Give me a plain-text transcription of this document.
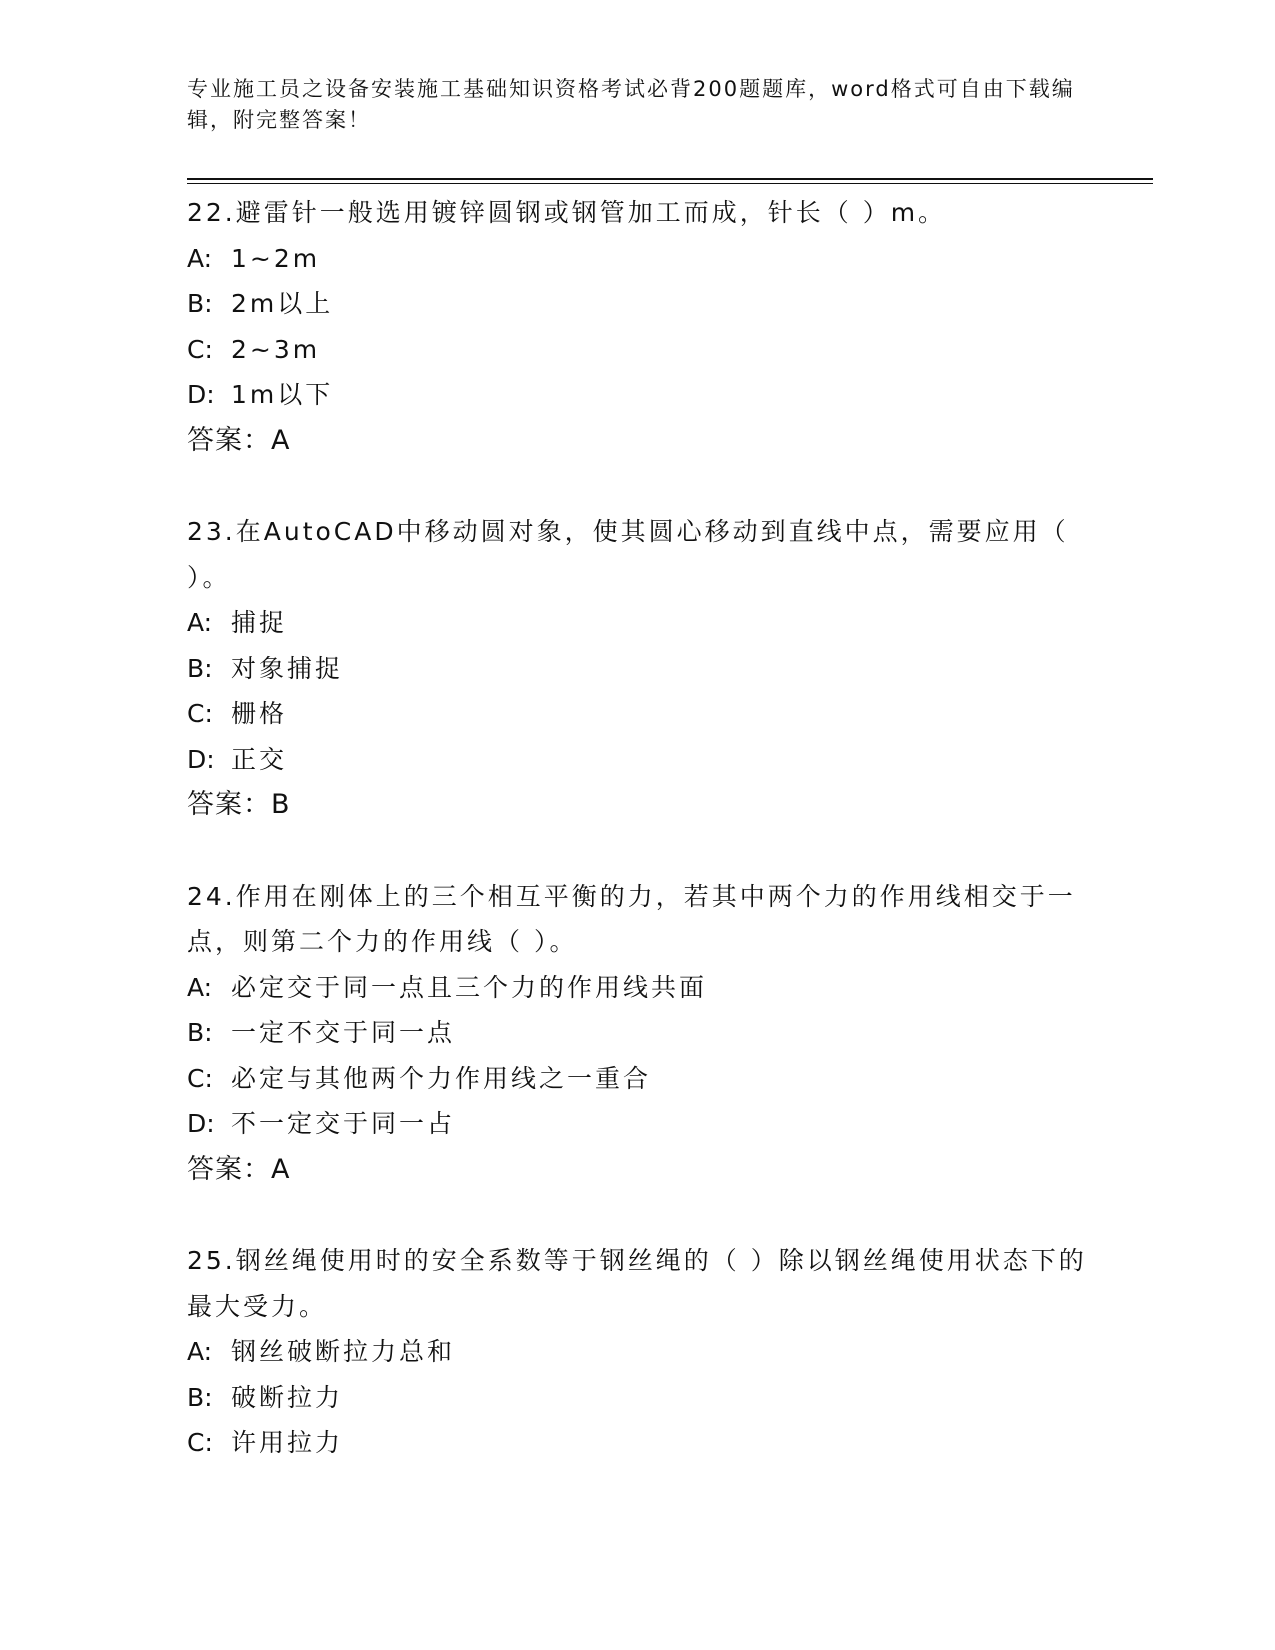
专业施工员之设备安装施工基础知识资格考试必背200题题库，word格式可自由下载编辑，附完整答案！
22.避雷针一般选用镀锌圆钢或钢管加工而成，针长（ ）m。
A: 1~2m
B: 2m以上
C: 2~3m
D: 1m以下
答案：A
23.在AutoCAD中移动圆对象，使其圆心移动到直线中点，需要应用（ ）。
A: 捕捉
B: 对象捕捉
C: 栅格
D: 正交
答案：B
24.作用在刚体上的三个相互平衡的力，若其中两个力的作用线相交于一点，则第二个力的作用线（ ）。
A: 必定交于同一点且三个力的作用线共面
B: 一定不交于同一点
C: 必定与其他两个力作用线之一重合
D: 不一定交于同一占
答案：A
25.钢丝绳使用时的安全系数等于钢丝绳的（ ）除以钢丝绳使用状态下的最大受力。
A: 钢丝破断拉力总和
B: 破断拉力
C: 许用拉力
